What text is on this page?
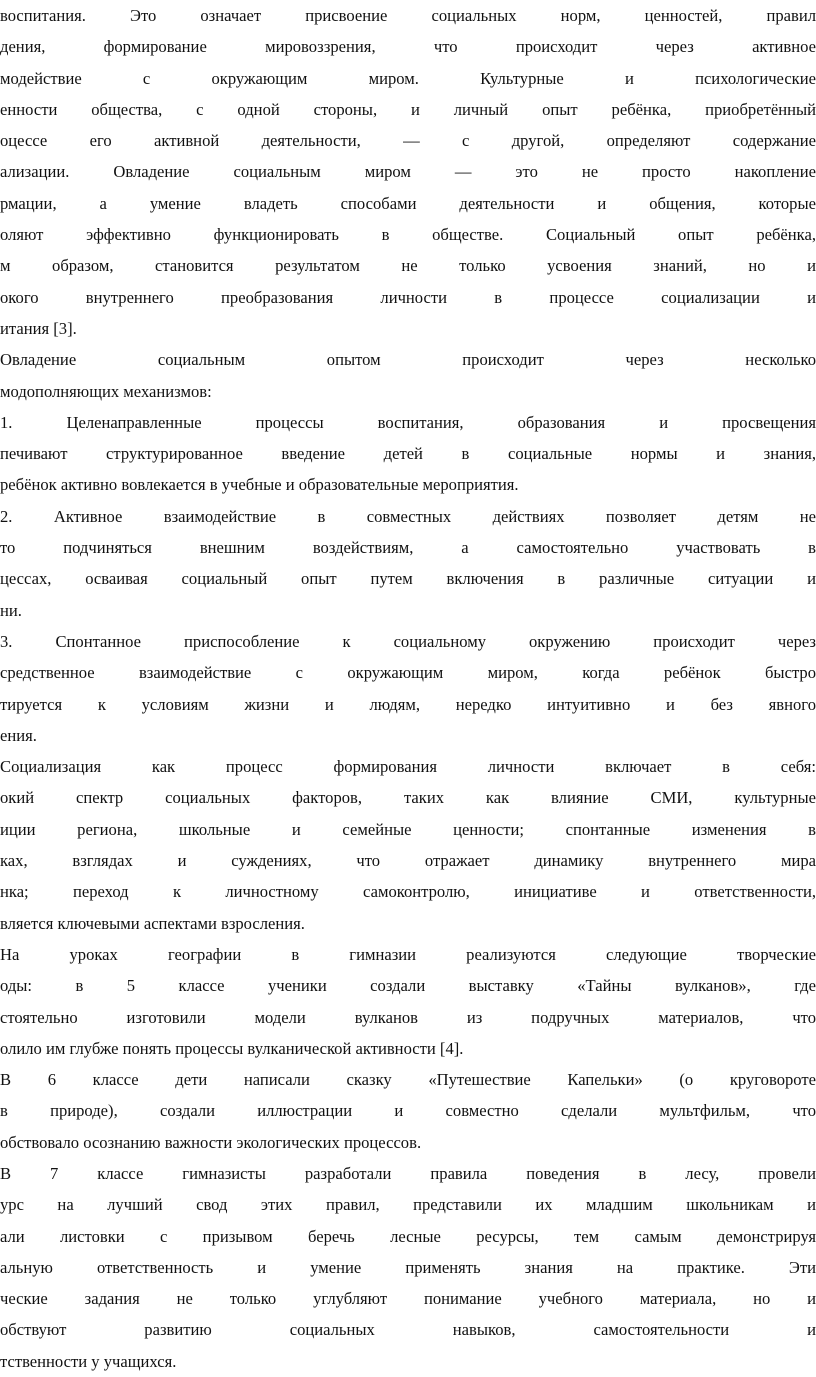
воспитания. Это означает присвоение социальных норм, ценностей, правил
дения, формирование мировоззрения, что происходит через активное
модействие с окружающим миром. Культурные и психологические
енности общества, с одной стороны, и личный опыт ребёнка, приобретённый
оцессе его активной деятельности, — с другой, определяют содержание
ализации. Овладение социальным миром — это не просто накопление
рмации, а умение владеть способами деятельности и общения, которые
оляют эффективно функционировать в обществе. Социальный опыт ребёнка,
м образом, становится результатом не только усвоения знаний, но и
окого внутреннего преобразования личности в процессе социализации и
итания [3].
Овладение социальным опытом происходит через несколько
модополняющих механизмов:
1. Целенаправленные процессы воспитания, образования и просвещения
печивают структурированное введение детей в социальные нормы и знания,
ребёнок активно вовлекается в учебные и образовательные мероприятия.
2. Активное взаимодействие в совместных действиях позволяет детям не
то подчиняться внешним воздействиям, а самостоятельно участвовать в
цессах, осваивая социальный опыт путем включения в различные ситуации и
ни.
3. Спонтанное приспособление к социальному окружению происходит через
средственное взаимодействие с окружающим миром, когда ребёнок быстро
тируется к условиям жизни и людям, нередко интуитивно и без явного
ения.
Социализация как процесс формирования личности включает в себя:
окий спектр социальных факторов, таких как влияние СМИ, культурные
иции региона, школьные и семейные ценности; спонтанные изменения в
ках, взглядах и суждениях, что отражает динамику внутреннего мира
нка; переход к личностному самоконтролю, инициативе и ответственности,
вляется ключевыми аспектами взросления.
На уроках географии в гимназии реализуются следующие творческие
оды: в 5 классе ученики создали выставку «Тайны вулканов», где
стоятельно изготовили модели вулканов из подручных материалов, что
олило им глубже понять процессы вулканической активности [4].
В 6 классе дети написали сказку «Путешествие Капельки» (о круговороте
в природе), создали иллюстрации и совместно сделали мультфильм, что
обствовало осознанию важности экологических процессов.
В 7 классе гимназисты разработали правила поведения в лесу, провели
урс на лучший свод этих правил, представили их младшим школьникам и
али листовки с призывом беречь лесные ресурсы, тем самым демонстрируя
альную ответственность и умение применять знания на практике. Эти
ческие задания не только углубляют понимание учебного материала, но и
обствуют развитию социальных навыков, самостоятельности и
тственности у учащихся.
